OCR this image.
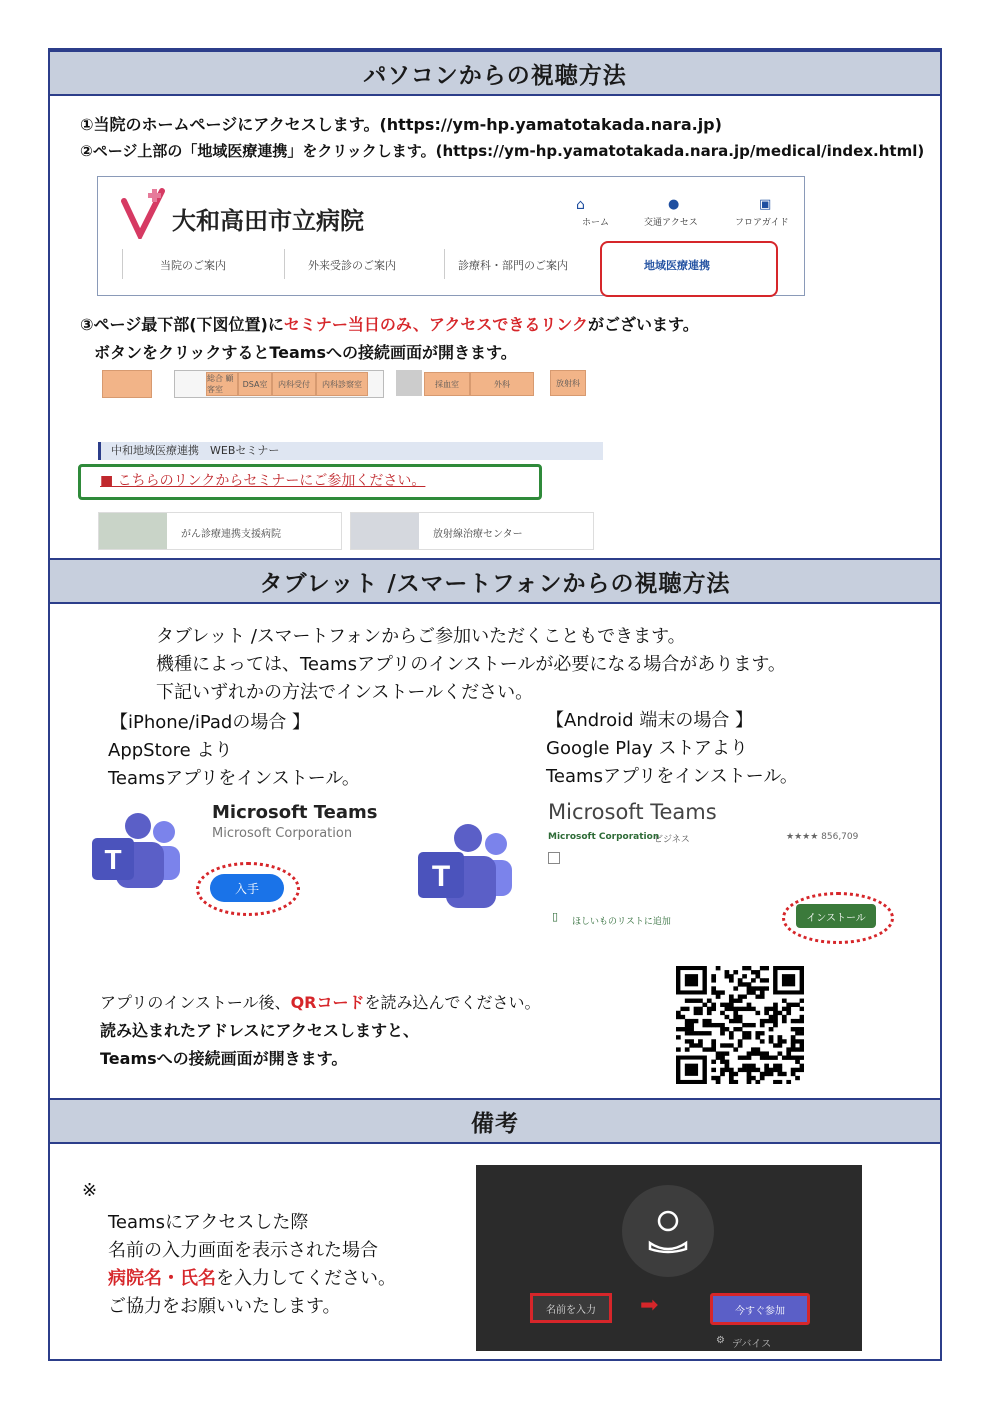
パソコンからの視聴方法
①当院のホームページにアクセスします。(https://ym-hp.yamatotakada.nara.jp)
②ページ上部の「地域医療連携」をクリックします。(https://ym-hp.yamatotakada.nara.jp/medical/index.html)
大和高田市立病院
⌂
ホーム
●
交通アクセス
▣
フロアガイド
当院のご案内	外来受診のご案内	診療科・部門のご案内	地域医療連携
③ページ最下部(下図位置)にセミナー当日のみ、アクセスできるリンクがございます。
ボタンをクリックするとTeamsへの接続画面が開きます。
総合 顧客室
DSA室	内科受付	内科診察室	採血室	外科	放射科
中和地域医療連携　WEBセミナー
■ こちらのリンクからセミナーにご参加ください。
がん診療連携支援病院	放射線治療センター
タブレット /スマートフォンからの視聴方法
タブレット /スマートフォンからご参加いただくこともできます。
機種によっては、Teamsアプリのインストールが必要になる場合があります。
下記いずれかの方法でインストールください。
【iPhone/iPadの場合 】
AppStore より
Teamsアプリをインストール。
【Android 端末の場合 】
Google Play ストアより
Teamsアプリをインストール。
T
Microsoft Teams
Microsoft Corporation
入手	T
Microsoft Teams
Microsoft Corporation
ビジネス	★★★★ 856,709
▯ ほしいものリストに追加	インストール
アプリのインストール後、QRコードを読み込んでください。
読み込まれたアドレスにアクセスしますと、
Teamsへの接続画面が開きます。
備考
※
Teamsにアクセスした際
名前の入力画面を表示された場合
病院名・氏名を入力してください。
ご協力をお願いいたします。	名前を入力	➡	今すぐ参加
⚙ デバイス
